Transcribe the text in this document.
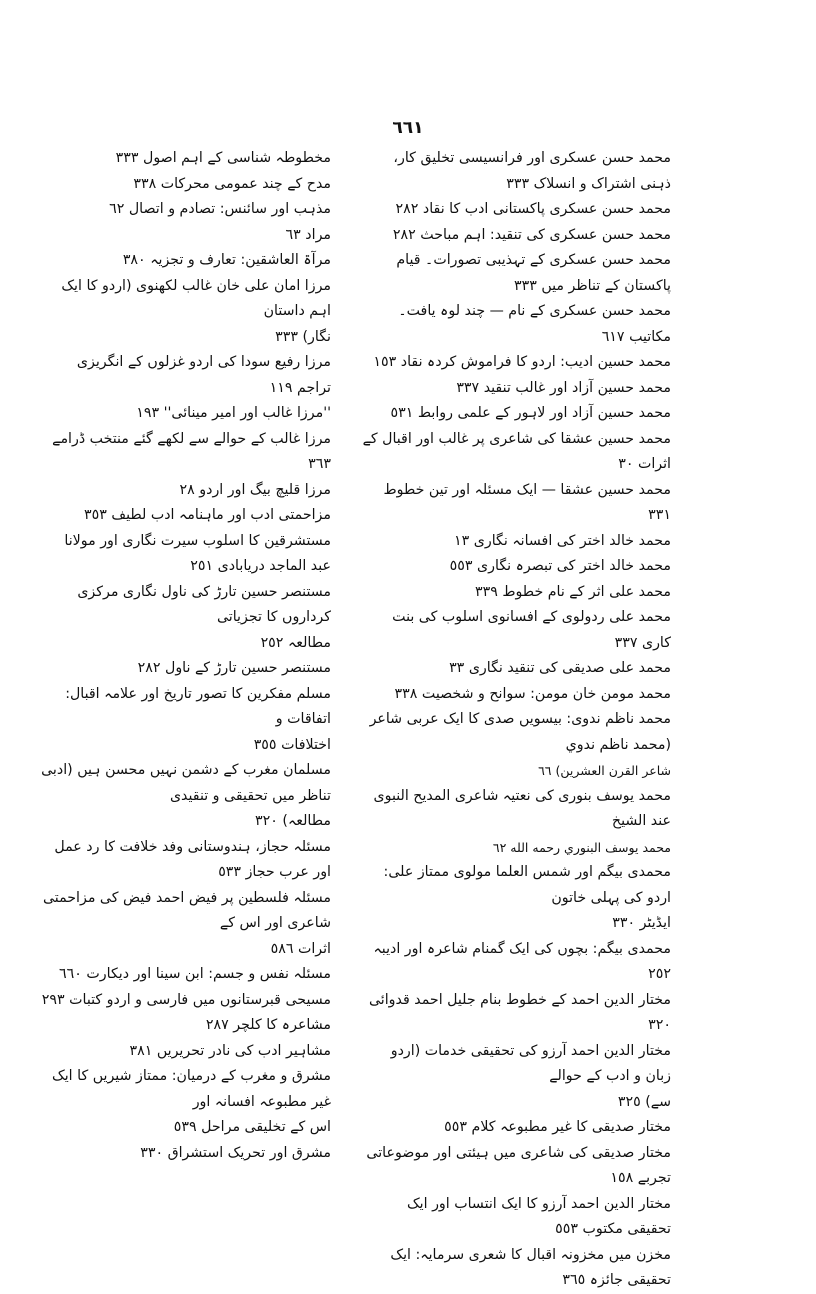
٦٦١

محمد حسن عسکری اور فرانسیسی تخلیق کار، ذہنی اشتراک و انسلاک ٣٣٣

محمد حسن عسکری پاکستانی ادب کا نقاد ٢٨٢

محمد حسن عسکری کی تنقید: اہم مباحث ٢٨٢

محمد حسن عسکری کے تہذیبی تصورات۔ قیام پاکستان کے تناظر میں ٣٣٣

محمد حسن عسکری کے نام — چند لوہ یافت۔ مکاتیب ٦١٧

محمد حسین ادیب: اردو کا فراموش کردہ نقاد ١٥٣

محمد حسین آزاد اور غالب تنقید ٣٣٧

محمد حسین آزاد اور لاہور کے علمی روابط ٥٣١

محمد حسین عشقا کی شاعری پر غالب اور اقبال کے اثرات ٣٠

محمد حسین عشقا — ایک مسئلہ اور تین خطوط ٣٣١

محمد خالد اختر کی افسانہ نگاری ١٣

محمد خالد اختر کی تبصرہ نگاری ٥٥٣

محمد علی اثر کے نام خطوط ٣٣٩

محمد علی ردولوی کے افسانوی اسلوب کی بنت کاری ٣٣٧

محمد علی صدیقی کی تنقید نگاری ٣٣

محمد مومن خان مومن: سوانح و شخصیت ٣٣٨

محمد ناظم ندوی: بیسویں صدی کا ایک عربی شاعر (محمد ناظم ندوي

شاعر القرن العشرين) ٦٦

محمد یوسف بنوری کی نعتیہ شاعری المدیح النبوی عند الشیخ

محمد يوسف البنوري رحمه الله ٦٢

محمدی بیگم اور شمس العلما مولوی ممتاز علی: اردو کی پہلی خاتون

ایڈیٹر ٣٣٠

محمدی بیگم: بچوں کی ایک گمنام شاعرہ اور ادیبہ ٢٥٢

مختار الدین احمد کے خطوط بنام جلیل احمد قدوائی ٣٢٠

مختار الدین احمد آرزو کی تحقیقی خدمات (اردو زبان و ادب کے حوالے

سے) ٣٢٥

مختار صدیقی کا غیر مطبوعہ کلام ٥٥٣

مختار صدیقی کی شاعری میں ہیئتی اور موضوعاتی تجربے ١٥٨

مختار الدین احمد آرزو کا ایک انتساب اور ایک تحقیقی مکتوب ٥٥٣

مخزن میں مخزونہ اقبال کا شعری سرمایہ: ایک تحقیقی جائزہ ٣٦٥

مخطوطہ شناسی کے اہم اصول ٣٣٣

مدح کے چند عمومی محرکات ٣٣٨

مذہب اور سائنس: تصادم و اتصال ٦٢

مراد ٦٣

مرآۃ العاشقین: تعارف و تجزیہ ٣٨٠

مرزا امان علی خان غالب لکھنوی (اردو کا ایک اہم داستان

نگار) ٣٣٣

مرزا رفیع سودا کی اردو غزلوں کے انگریزی تراجم ١١٩

''مرزا غالب اور امیر مینائی'' ١٩٣

مرزا غالب کے حوالے سے لکھے گئے منتخب ڈرامے ٣٦٣

مرزا قلیچ بیگ اور اردو ٢٨

مزاحمتی ادب اور ماہنامہ ادب لطیف ٣٥٣

مستشرقین کا اسلوب سیرت نگاری اور مولانا عبد الماجد دریابادی ٢٥١

مستنصر حسین تارڑ کی ناول نگاری مرکزی کرداروں کا تجزیاتی

مطالعہ ٢٥٢

مستنصر حسین تارڑ کے ناول ٢٨٢

مسلم مفکرین کا تصور تاریخ اور علامہ اقبال: اتفاقات و

اختلافات ٣٥٥

مسلمان مغرب کے دشمن نہیں محسن ہیں (ادبی تناظر میں تحقیقی و تنقیدی

مطالعہ) ٣٢٠

مسئلہ حجاز، ہندوستانی وفد خلافت کا رد عمل اور عرب حجاز ٥٣٣

مسئلہ فلسطین پر فیض احمد فیض کی مزاحمتی شاعری اور اس کے

اثرات ٥٨٦

مسئلہ نفس و جسم: ابن سینا اور دیکارت ٦٦٠

مسیحی قبرستانوں میں فارسی و اردو کتبات ٢٩٣

مشاعرہ کا کلچر ٢٨٧

مشاہیر ادب کی نادر تحریریں ٣٨١

مشرق و مغرب کے درمیان: ممتاز شیریں کا ایک غیر مطبوعہ افسانہ اور

اس کے تخلیقی مراحل ٥٣٩

مشرق اور تحریک استشراق ٣٣٠
